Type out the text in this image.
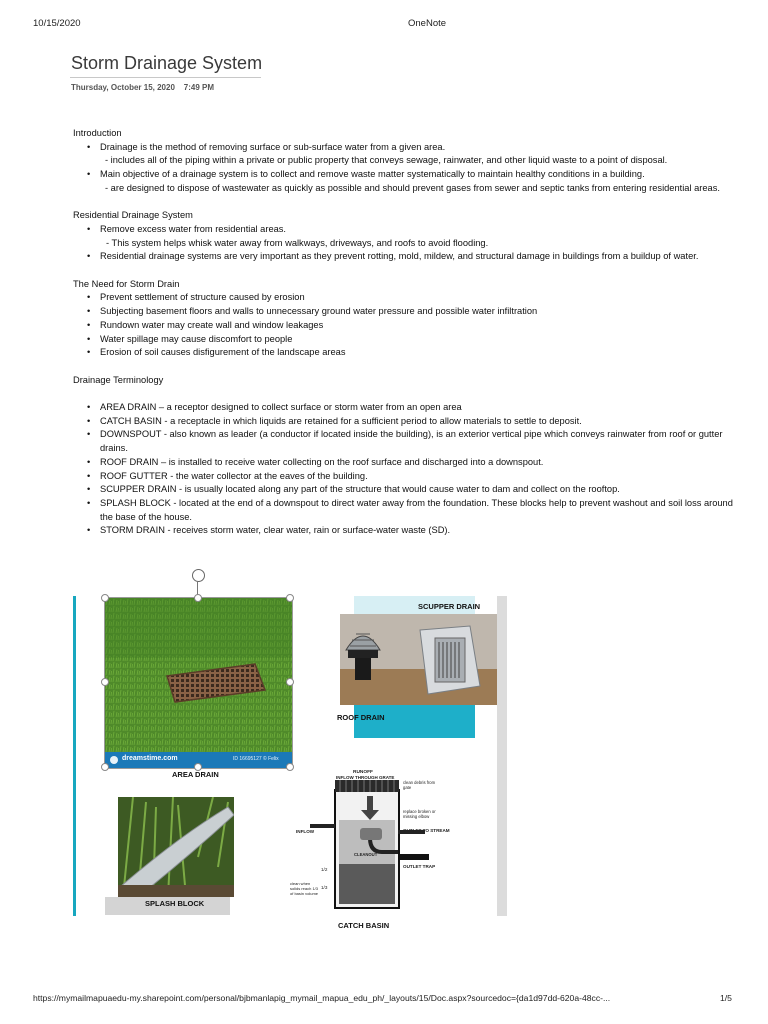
10/15/2020	OneNote
Storm Drainage System
Thursday, October 15, 2020 7:49 PM

Introduction

• Drainage is the method of removing surface or sub-surface water from a given area.
- includes all of the piping within a private or public property that conveys sewage, rainwater, and other liquid waste to a point of disposal.
• Main objective of a drainage system is to collect and remove waste matter systematically to maintain healthy conditions in a building.
- are designed to dispose of wastewater as quickly as possible and should prevent gases from sewer and septic tanks from entering residential areas.

Residential Drainage System

• Remove excess water from residential areas.
- This system helps whisk water away from walkways, driveways, and roofs to avoid flooding.
• Residential drainage systems are very important as they prevent rotting, mold, mildew, and structural damage in buildings from a buildup of water.

The Need for Storm Drain

• Prevent settlement of structure caused by erosion
• Subjecting basement floors and walls to unnecessary ground water pressure and possible water infiltration
• Rundown water may create wall and window leakages
• Water spillage may cause discomfort to people
• Erosion of soil causes disfigurement of the landscape areas

Drainage Terminology

• AREA DRAIN – a receptor designed to collect surface or storm water from an open area
• CATCH BASIN - a receptacle in which liquids are retained for a sufficient period to allow materials to settle to deposit.
• DOWNSPOUT - also known as leader (a conductor if located inside the building), is an exterior vertical pipe which conveys rainwater from roof or gutter drains.
• ROOF DRAIN – is installed to receive water collecting on the roof surface and discharged into a downspout.
• ROOF GUTTER - the water collector at the eaves of the building.
• SCUPPER DRAIN - is usually located along any part of the structure that would cause water to dam and collect on the rooftop.
• SPLASH BLOCK - located at the end of a downspout to direct water away from the foundation. These blocks help to prevent washout and soil loss around the base of the house.
• STORM DRAIN - receives storm water, clear water, rain or surface-water waste (SD).
dreamstime.com	ID 16695127 © Felix
AREA DRAIN
SCUPPER DRAIN
ROOF DRAIN
SPLASH BLOCK
RUNOFF
INFLOW THROUGH GRATE
clean debris from gate
replace broken or missing elbow
INFLOW	OUTLET TO STREAM
CLEANOUT
OUTLET TRAP
1/2
1/3
clean when solids reach 1/3 of basin volume
CATCH BASIN
https://mymailmapuaedu-my.sharepoint.com/personal/bjbmanlapig_mymail_mapua_edu_ph/_layouts/15/Doc.aspx?sourcedoc={da1d97dd-620a-48cc-...	1/5
